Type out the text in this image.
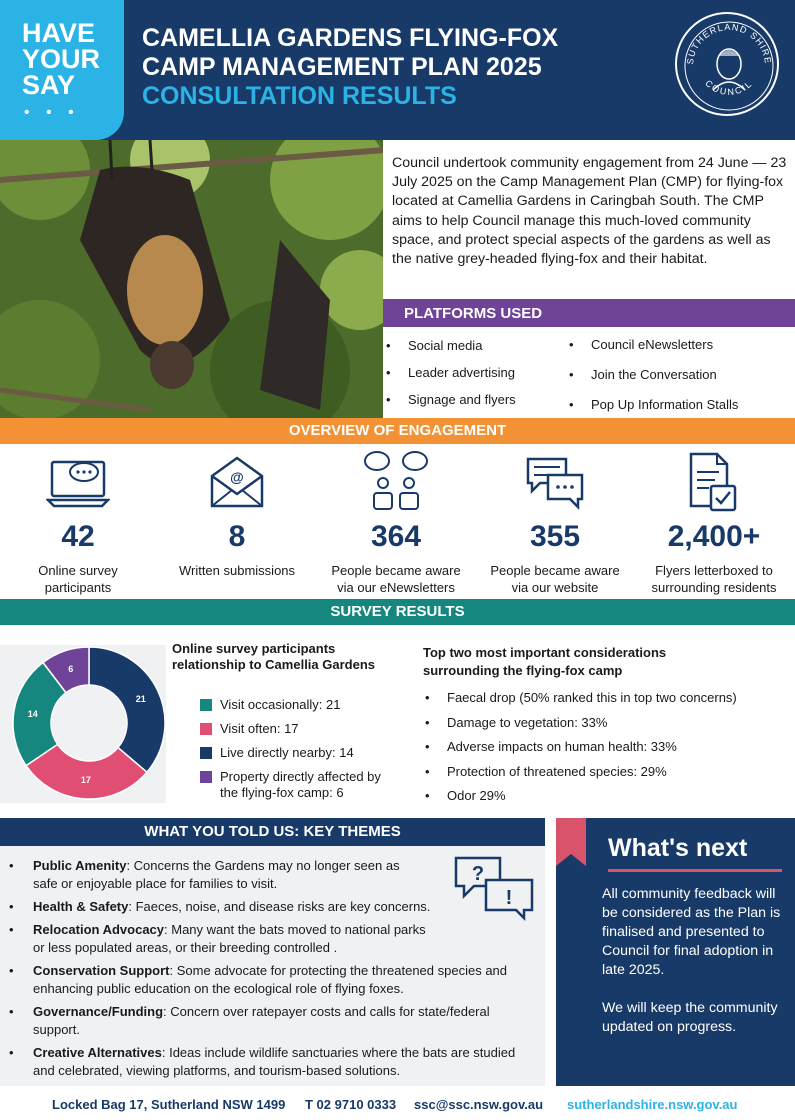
HAVE
YOUR
SAY
• • •
CAMELLIA GARDENS FLYING-FOX
CAMP MANAGEMENT PLAN 2025
CONSULTATION RESULTS
SUTHERLAND SHIRE
COUNCIL
Council undertook community engagement from 24 June — 23 July 2025 on the Camp Management Plan (CMP) for flying-fox located at Camellia Gardens in Caringbah South. The CMP aims to help Council manage this much-loved community space, and protect special aspects of the gardens as well as the native grey-headed flying-fox and their habitat.
PLATFORMS USED
• Social media
• Leader advertising
• Signage and flyers
• Council eNewsletters
• Join the Conversation
• Pop Up Information Stalls
OVERVIEW OF ENGAGEMENT
42
Online survey
participants
@
8
Written submissions
364
People became aware
via our eNewsletters
355
People became aware
via our website
2,400+
Flyers letterboxed to
surrounding residents
SURVEY RESULTS
21
17
14
6
Online survey participants
relationship to Camellia Gardens
Visit occasionally: 21
Visit often: 17
Live directly nearby: 14
Property directly affected by
the flying-fox camp: 6
Top two most important considerations
surrounding the flying-fox camp
• Faecal drop (50% ranked this in top two concerns)
• Damage to vegetation: 33%
• Adverse impacts on human health: 33%
• Protection of threatened species: 29%
• Odor 29%
WHAT YOU TOLD US: KEY THEMES
?
!
• Public Amenity: Concerns the Gardens may no longer seen as
safe or enjoyable place for families to visit.
• Health & Safety: Faeces, noise, and disease risks are key concerns.
• Relocation Advocacy: Many want the bats moved to national parks
or less populated areas, or their breeding controlled .
• Conservation Support: Some advocate for protecting the threatened species and
enhancing public education on the ecological role of flying foxes.
• Governance/Funding: Concern over ratepayer costs and calls for state/federal
support.
• Creative Alternatives: Ideas include wildlife sanctuaries where the bats are studied
and celebrated, viewing platforms, and tourism-based solutions.
What's next

All community feedback will be considered as the Plan is finalised and presented to Council for final adoption in late 2025.

We will keep the community updated on progress.

Locked Bag 17, Sutherland NSW 1499 T 02 9710 0333 ssc@ssc.nsw.gov.au sutherlandshire.nsw.gov.au
